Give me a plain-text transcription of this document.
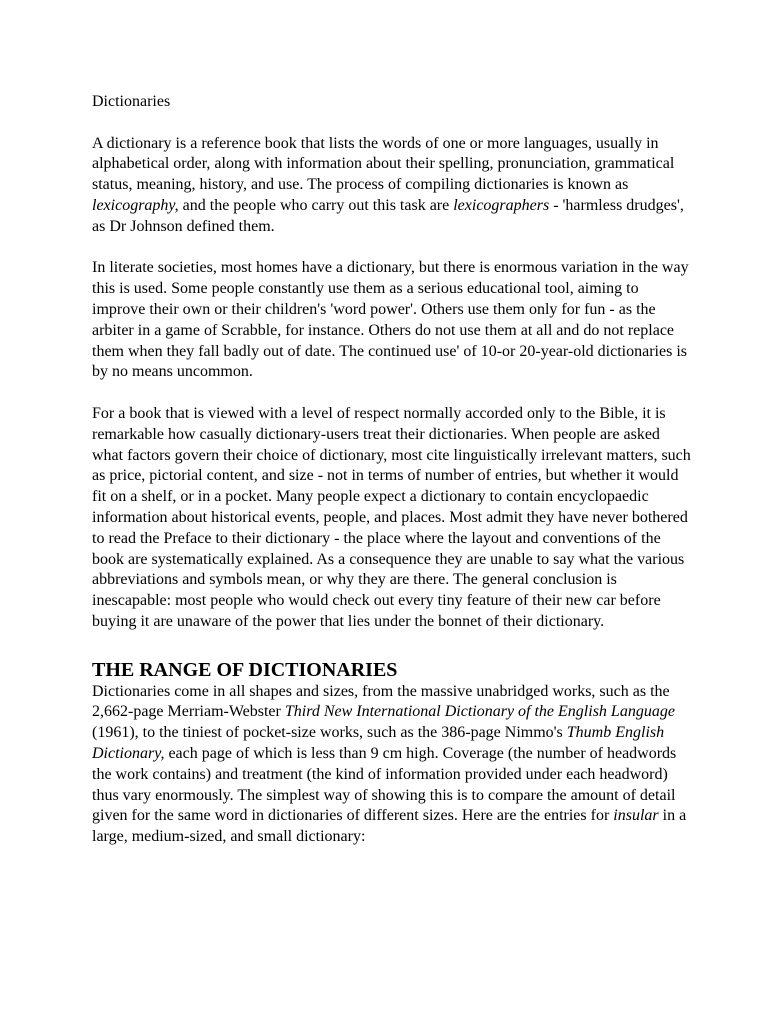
Dictionaries

A dictionary is a reference book that lists the words of one or more languages, usually in alphabetical order, along with information about their spelling, pronunciation, grammatical status, meaning, history, and use. The process of compiling dictionaries is known as lexicography, and the people who carry out this task are lexicographers - 'harmless drudges', as Dr Johnson defined them.

In literate societies, most homes have a dictionary, but there is enormous variation in the way this is used. Some people constantly use them as a serious educational tool, aiming to improve their own or their children's 'word power'. Others use them only for fun - as the arbiter in a game of Scrabble, for instance. Others do not use them at all and do not replace them when they fall badly out of date. The continued use' of 10-or 20-year-old dictionaries is by no means uncommon.

For a book that is viewed with a level of respect normally accorded only to the Bible, it is remarkable how casually dictionary-users treat their dictionaries. When people are asked what factors govern their choice of dictionary, most cite linguistically irrelevant matters, such as price, pictorial content, and size - not in terms of number of entries, but whether it would fit on a shelf, or in a pocket. Many people expect a dictionary to contain encyclopaedic information about historical events, people, and places. Most admit they have never bothered to read the Preface to their dictionary - the place where the layout and conventions of the book are systematically explained. As a consequence they are unable to say what the various abbreviations and symbols mean, or why they are there. The general conclusion is inescapable: most people who would check out every tiny feature of their new car before buying it are unaware of the power that lies under the bonnet of their dictionary.

THE RANGE OF DICTIONARIES

Dictionaries come in all shapes and sizes, from the massive unabridged works, such as the 2,662-page Merriam-Webster Third New International Dictionary of the English Language (1961), to the tiniest of pocket-size works, such as the 386-page Nimmo's Thumb English Dictionary, each page of which is less than 9 cm high. Coverage (the number of headwords the work contains) and treatment (the kind of information provided under each headword) thus vary enormously. The simplest way of showing this is to compare the amount of detail given for the same word in dictionaries of different sizes. Here are the entries for insular in a large, medium-sized, and small dictionary:
